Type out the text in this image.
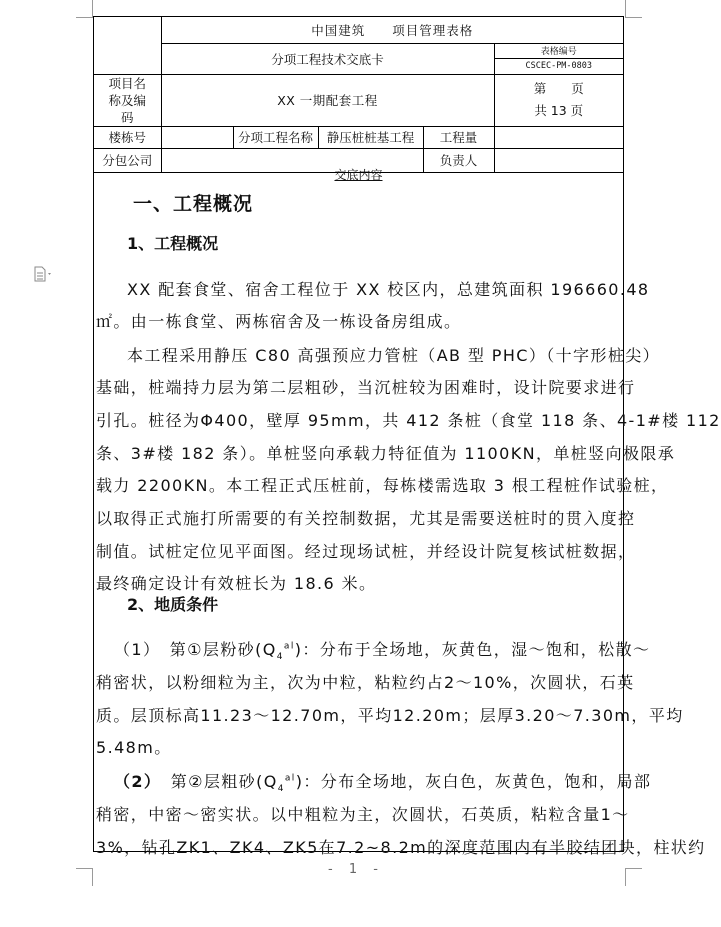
	中国建筑　　项目管理表格				
	分项工程技术交底卡				表格编号
CSCEC-PM-0803

项目名称及编码	XX 一期配套工程				第　　页
共 13 页

楼栋号		分项工程名称	静压桩桩基工程	工程量	
分包公司				负责人	
交底内容
一、工程概况
1、工程概况
XX 配套食堂、宿舍工程位于 XX 校区内，总建筑面积 196660.48
㎡。由一栋食堂、两栋宿舍及一栋设备房组成。
本工程采用静压 C80 高强预应力管桩（AB 型 PHC）（十字形桩尖）
基础，桩端持力层为第二层粗砂，当沉桩较为困难时，设计院要求进行
引孔。桩径为Φ400，壁厚 95mm，共 412 条桩（食堂 118 条、4-1#楼 112
条、3#楼 182 条）。单桩竖向承载力特征值为 1100KN，单桩竖向极限承
载力 2200KN。本工程正式压桩前，每栋楼需选取 3 根工程桩作试验桩，
以取得正式施打所需要的有关控制数据，尤其是需要送桩时的贯入度控
制值。试桩定位见平面图。经过现场试桩，并经设计院复核试桩数据，
最终确定设计有效桩长为 18.6 米。
2、地质条件
（1）　第①层粉砂$(Q_4^{al})$：分布于全场地，灰黄色，湿～饱和，松散～
稍密状，以粉细粒为主，次为中粒，粘粒约占2～10%，次圆状，石英
质。层顶标高11.23～12.70m，平均12.20m；层厚3.20～7.30m，平均
5.48m。
（2）　第②层粗砂$(Q_4^{al})$：分布全场地，灰白色，灰黄色，饱和，局部
稍密，中密～密实状。以中粗粒为主，次圆状，石英质，粘粒含量1～
3%，钻孔ZK1、ZK4、ZK5在7.2~8.2m的深度范围内有半胶结团块，柱状约
- 1 -
